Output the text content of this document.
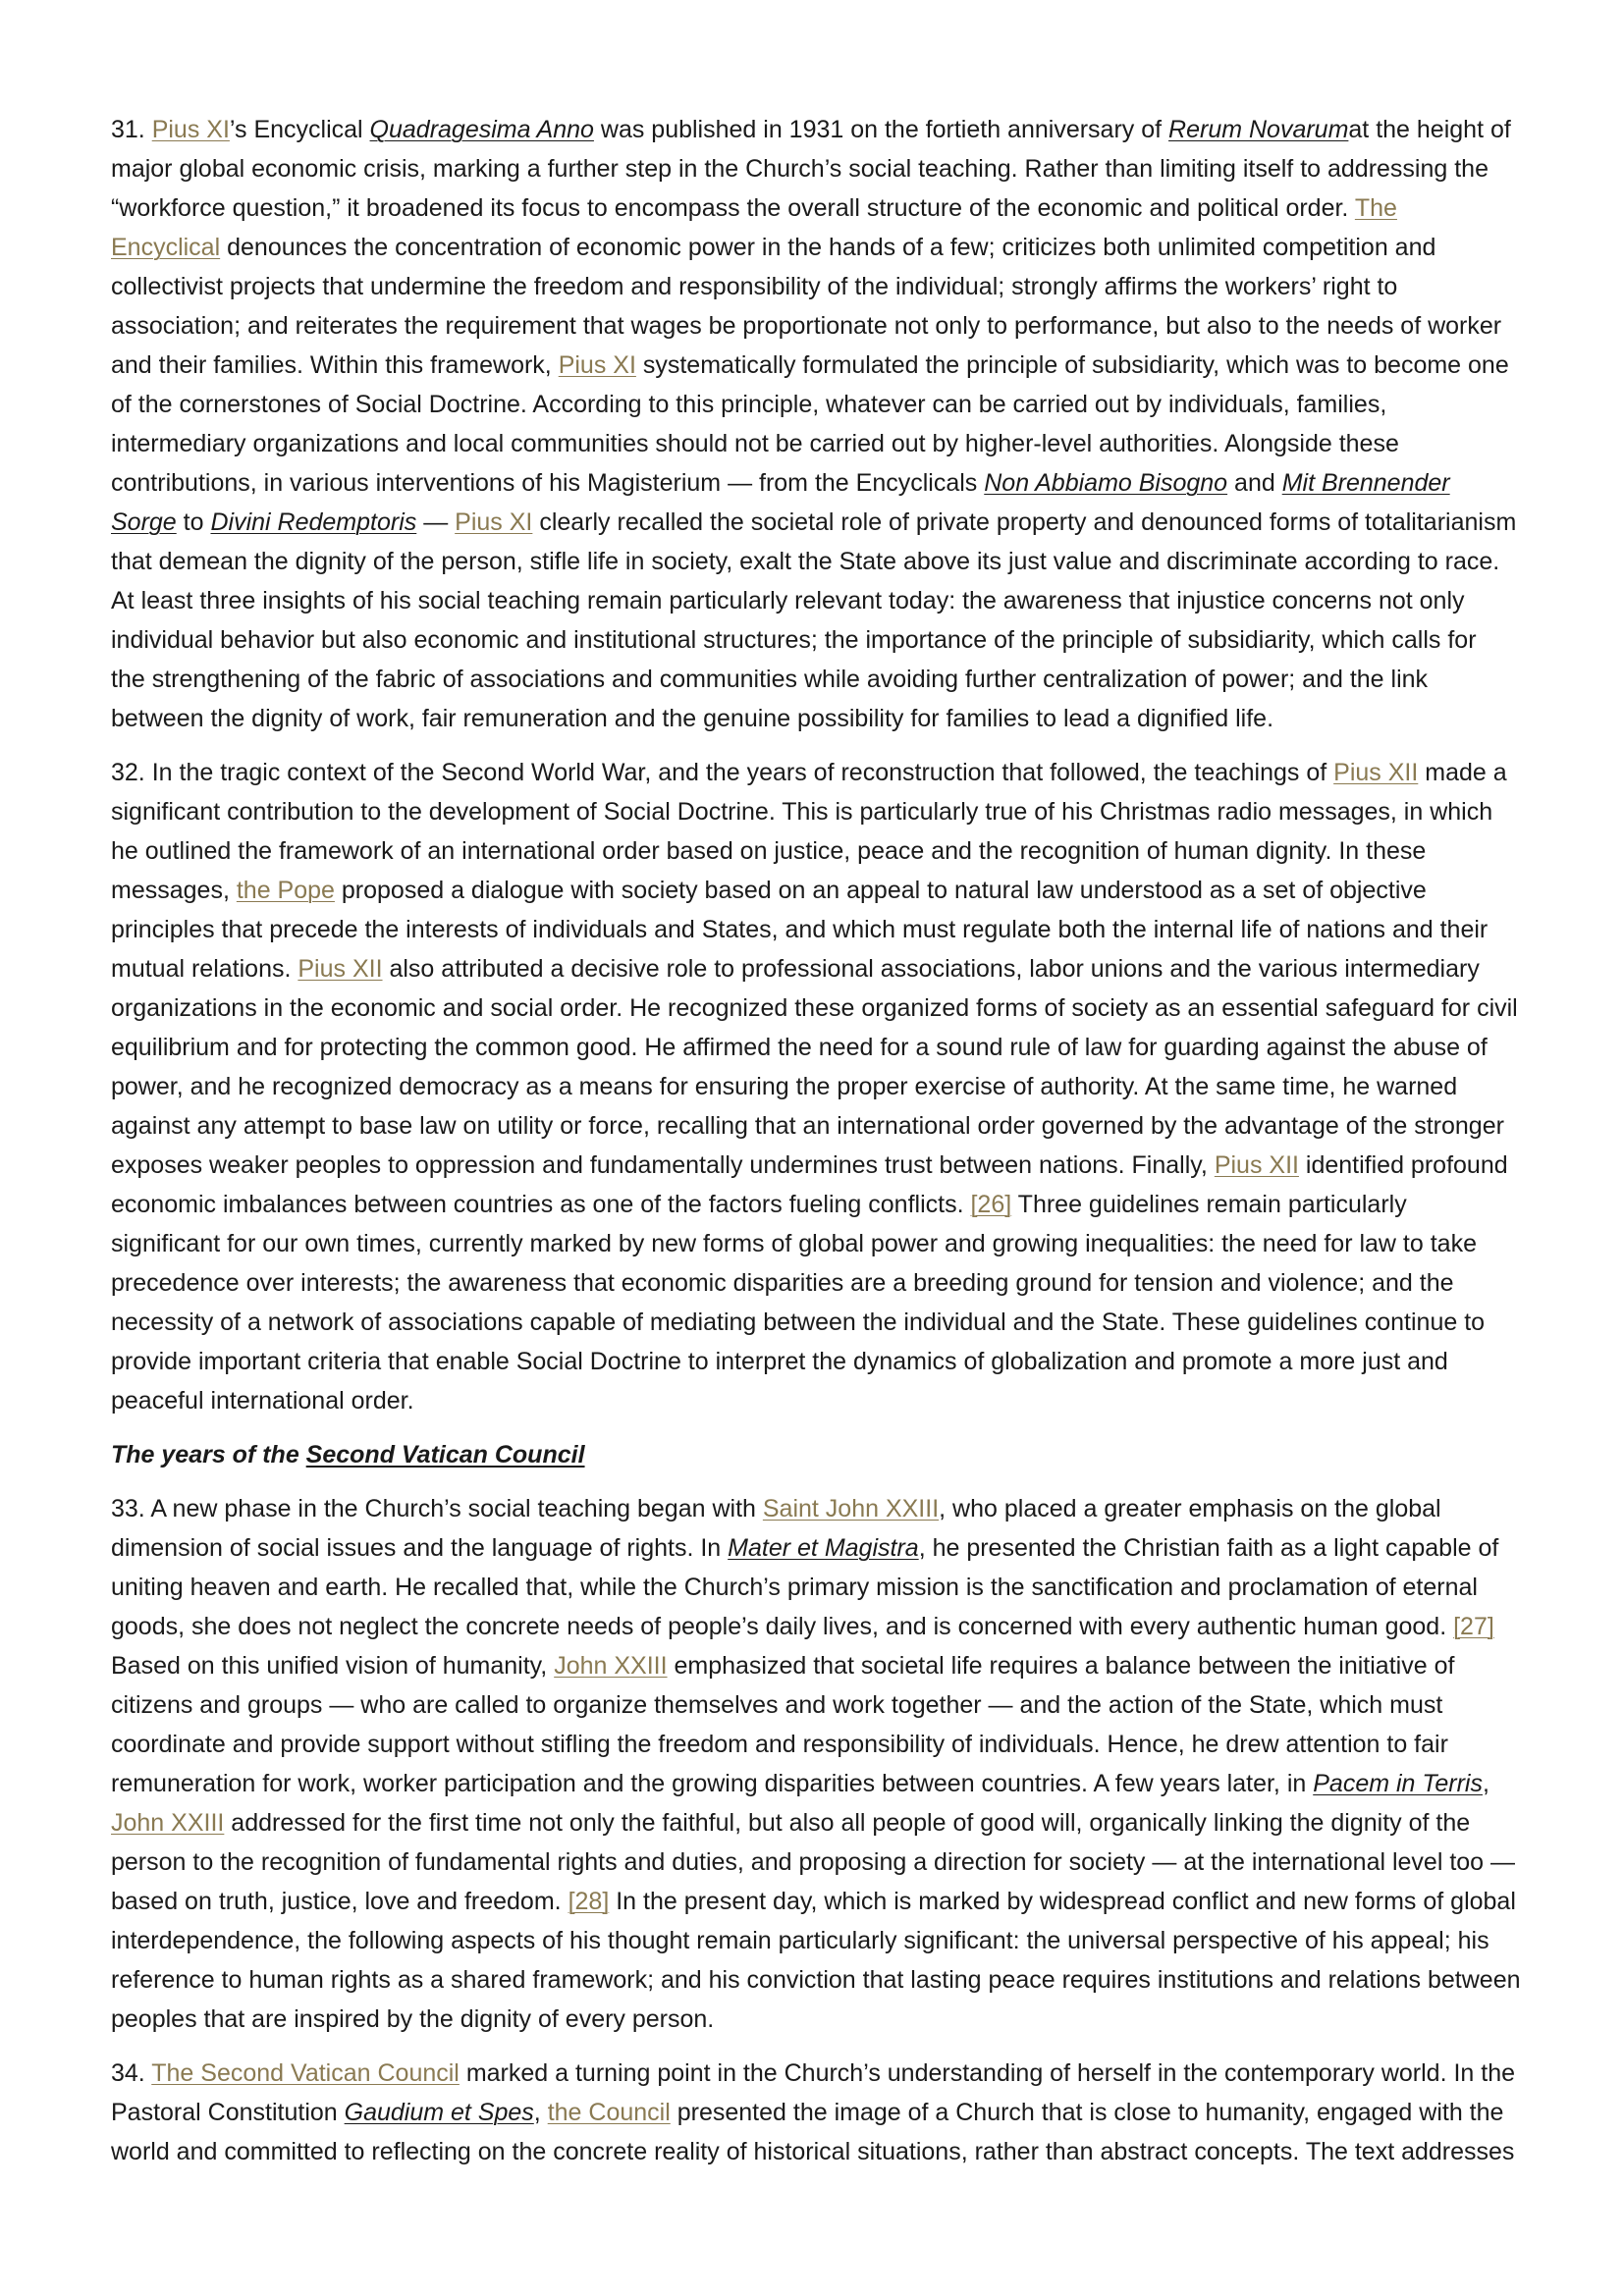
31. Pius XI’s Encyclical Quadragesima Anno was published in 1931 on the fortieth anniversary of Rerum Novarumat the height of
major global economic crisis, marking a further step in the Church’s social teaching. Rather than limiting itself to addressing the
“workforce question,” it broadened its focus to encompass the overall structure of the economic and political order. The
Encyclical denounces the concentration of economic power in the hands of a few; criticizes both unlimited competition and
collectivist projects that undermine the freedom and responsibility of the individual; strongly affirms the workers’ right to
association; and reiterates the requirement that wages be proportionate not only to performance, but also to the needs of worker
and their families. Within this framework, Pius XI systematically formulated the principle of subsidiarity, which was to become one
of the cornerstones of Social Doctrine. According to this principle, whatever can be carried out by individuals, families,
intermediary organizations and local communities should not be carried out by higher-level authorities. Alongside these
contributions, in various interventions of his Magisterium — from the Encyclicals Non Abbiamo Bisogno and Mit Brennender
Sorge to Divini Redemptoris — Pius XI clearly recalled the societal role of private property and denounced forms of totalitarianism
that demean the dignity of the person, stifle life in society, exalt the State above its just value and discriminate according to race.
At least three insights of his social teaching remain particularly relevant today: the awareness that injustice concerns not only
individual behavior but also economic and institutional structures; the importance of the principle of subsidiarity, which calls for
the strengthening of the fabric of associations and communities while avoiding further centralization of power; and the link
between the dignity of work, fair remuneration and the genuine possibility for families to lead a dignified life.
32. In the tragic context of the Second World War, and the years of reconstruction that followed, the teachings of Pius XII made a
significant contribution to the development of Social Doctrine. This is particularly true of his Christmas radio messages, in which
he outlined the framework of an international order based on justice, peace and the recognition of human dignity. In these
messages, the Pope proposed a dialogue with society based on an appeal to natural law understood as a set of objective
principles that precede the interests of individuals and States, and which must regulate both the internal life of nations and their
mutual relations. Pius XII also attributed a decisive role to professional associations, labor unions and the various intermediary
organizations in the economic and social order. He recognized these organized forms of society as an essential safeguard for civil
equilibrium and for protecting the common good. He affirmed the need for a sound rule of law for guarding against the abuse of
power, and he recognized democracy as a means for ensuring the proper exercise of authority. At the same time, he warned
against any attempt to base law on utility or force, recalling that an international order governed by the advantage of the stronger
exposes weaker peoples to oppression and fundamentally undermines trust between nations. Finally, Pius XII identified profound
economic imbalances between countries as one of the factors fueling conflicts. [26] Three guidelines remain particularly
significant for our own times, currently marked by new forms of global power and growing inequalities: the need for law to take
precedence over interests; the awareness that economic disparities are a breeding ground for tension and violence; and the
necessity of a network of associations capable of mediating between the individual and the State. These guidelines continue to
provide important criteria that enable Social Doctrine to interpret the dynamics of globalization and promote a more just and
peaceful international order.
The years of the Second Vatican Council
33. A new phase in the Church’s social teaching began with Saint John XXIII, who placed a greater emphasis on the global
dimension of social issues and the language of rights. In Mater et Magistra, he presented the Christian faith as a light capable of
uniting heaven and earth. He recalled that, while the Church’s primary mission is the sanctification and proclamation of eternal
goods, she does not neglect the concrete needs of people’s daily lives, and is concerned with every authentic human good. [27]
Based on this unified vision of humanity, John XXIII emphasized that societal life requires a balance between the initiative of
citizens and groups — who are called to organize themselves and work together — and the action of the State, which must
coordinate and provide support without stifling the freedom and responsibility of individuals. Hence, he drew attention to fair
remuneration for work, worker participation and the growing disparities between countries. A few years later, in Pacem in Terris,
John XXIII addressed for the first time not only the faithful, but also all people of good will, organically linking the dignity of the
person to the recognition of fundamental rights and duties, and proposing a direction for society — at the international level too —
based on truth, justice, love and freedom. [28] In the present day, which is marked by widespread conflict and new forms of global
interdependence, the following aspects of his thought remain particularly significant: the universal perspective of his appeal; his
reference to human rights as a shared framework; and his conviction that lasting peace requires institutions and relations between
peoples that are inspired by the dignity of every person.
34. The Second Vatican Council marked a turning point in the Church’s understanding of herself in the contemporary world. In the
Pastoral Constitution Gaudium et Spes, the Council presented the image of a Church that is close to humanity, engaged with the
world and committed to reflecting on the concrete reality of historical situations, rather than abstract concepts. The text addresses
